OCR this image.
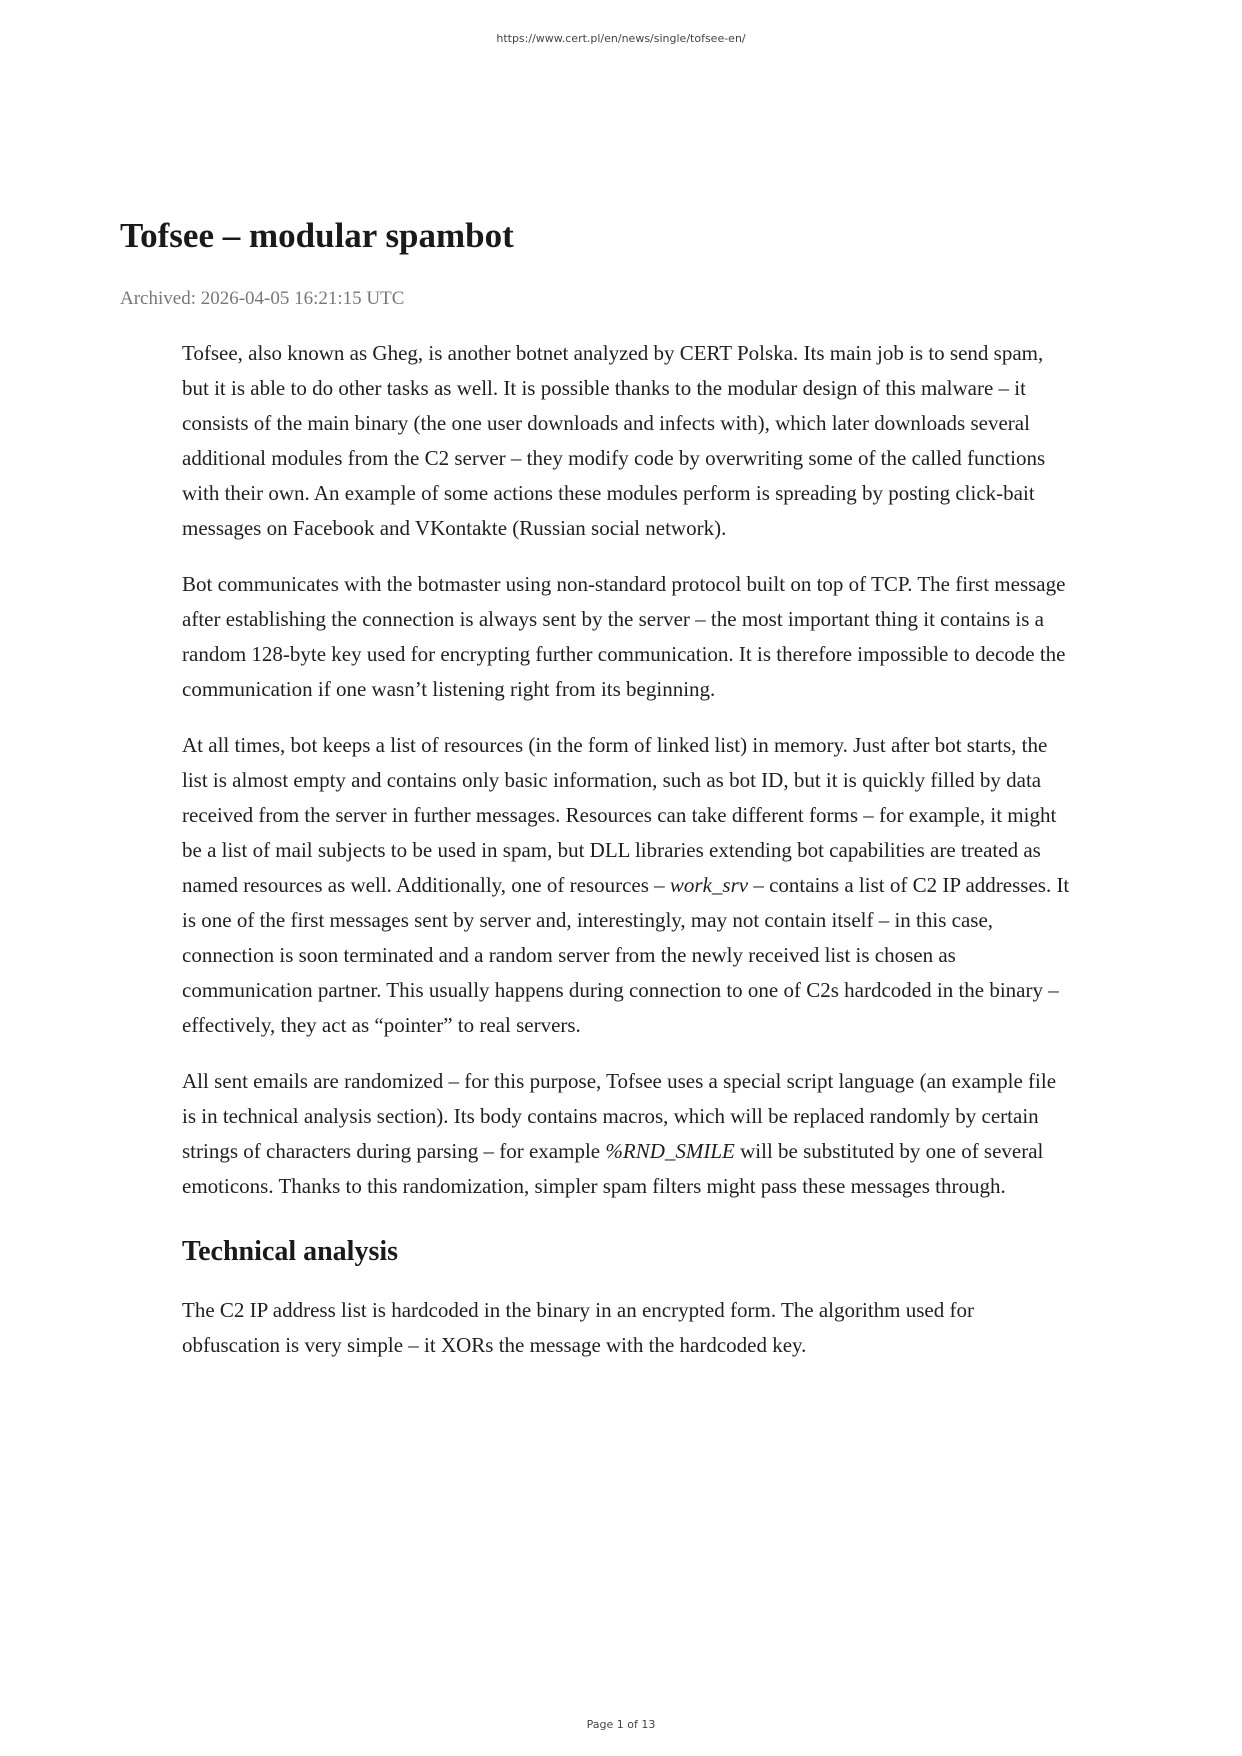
https://www.cert.pl/en/news/single/tofsee-en/
Tofsee – modular spambot
Archived: 2026-04-05 16:21:15 UTC

Tofsee, also known as Gheg, is another botnet analyzed by CERT Polska. Its main job is to send spam, but it is able to do other tasks as well. It is possible thanks to the modular design of this malware – it consists of the main binary (the one user downloads and infects with), which later downloads several additional modules from the C2 server – they modify code by overwriting some of the called functions with their own. An example of some actions these modules perform is spreading by posting click-bait messages on Facebook and VKontakte (Russian social network).

Bot communicates with the botmaster using non-standard protocol built on top of TCP. The first message after establishing the connection is always sent by the server – the most important thing it contains is a random 128-byte key used for encrypting further communication. It is therefore impossible to decode the communication if one wasn’t listening right from its beginning.

At all times, bot keeps a list of resources (in the form of linked list) in memory. Just after bot starts, the list is almost empty and contains only basic information, such as bot ID, but it is quickly filled by data received from the server in further messages. Resources can take different forms – for example, it might be a list of mail subjects to be used in spam, but DLL libraries extending bot capabilities are treated as named resources as well. Additionally, one of resources – work_srv – contains a list of C2 IP addresses. It is one of the first messages sent by server and, interestingly, may not contain itself – in this case, connection is soon terminated and a random server from the newly received list is chosen as communication partner. This usually happens during connection to one of C2s hardcoded in the binary – effectively, they act as “pointer” to real servers.

All sent emails are randomized – for this purpose, Tofsee uses a special script language (an example file is in technical analysis section). Its body contains macros, which will be replaced randomly by certain strings of characters during parsing – for example %RND_SMILE will be substituted by one of several emoticons. Thanks to this randomization, simpler spam filters might pass these messages through.

Technical analysis

The C2 IP address list is hardcoded in the binary in an encrypted form. The algorithm used for obfuscation is very simple – it XORs the message with the hardcoded key.

Page 1 of 13
